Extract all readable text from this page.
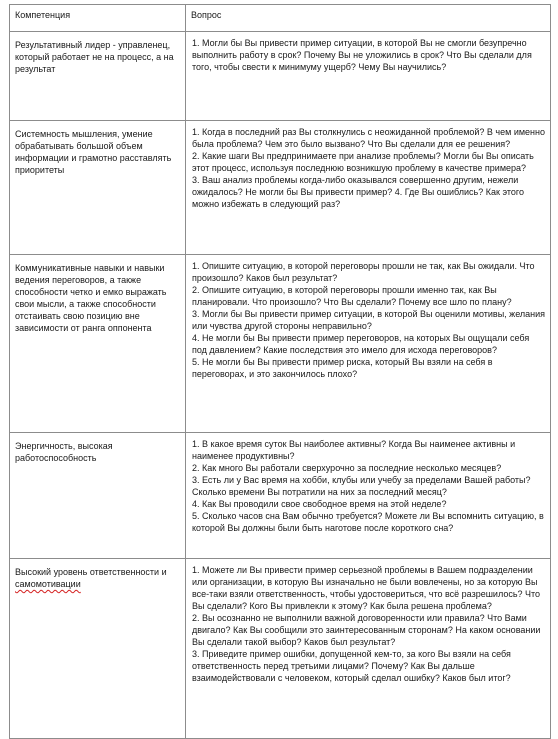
Компетенция	Вопрос
Результативный лидер - управленец, который работает не на процесс, а на результат	1. Могли бы Вы привести пример ситуации, в которой Вы не смогли безупречно выполнить работу в срок? Почему Вы не уложились в срок? Что Вы сделали для того, чтобы свести к минимуму ущерб? Чему Вы научились?
Системность мышления, умение обрабатывать большой объем информации и грамотно расставлять приоритеты	1. Когда в последний раз Вы столкнулись с неожиданной проблемой? В чем именно была проблема? Чем это было вызвано? Что Вы сделали для ее решения?
2. Какие шаги Вы предпринимаете при анализе проблемы? Могли бы Вы описать этот процесс, используя последнюю возникшую проблему в качестве примера?
3. Ваш анализ проблемы когда-либо оказывался совершенно другим, нежели ожидалось? Не могли бы Вы привести пример? 4. Где Вы ошиблись? Как этого можно избежать в следующий раз?
Коммуникативные навыки и навыки ведения переговоров, а также способности четко и емко выражать свои мысли, а также способности отстаивать свою позицию вне зависимости от ранга оппонента	1. Опишите ситуацию, в которой переговоры прошли не так, как Вы ожидали. Что произошло? Каков был результат?
2. Опишите ситуацию, в которой переговоры прошли именно так, как Вы планировали. Что произошло? Что Вы сделали? Почему все шло по плану?
3. Могли бы Вы привести пример ситуации, в которой Вы оценили мотивы, желания или чувства другой стороны неправильно?
4. Не могли бы Вы привести пример переговоров, на которых Вы ощущали себя под давлением? Какие последствия это имело для исхода переговоров?
5. Не могли бы Вы привести пример риска, который Вы взяли на себя в переговорах, и это закончилось плохо?
Энергичность, высокая работоспособность	1. В какое время суток Вы наиболее активны? Когда Вы наименее активны и наименее продуктивны?
2. Как много Вы работали сверхурочно за последние несколько месяцев?
3. Есть ли у Вас время на хобби, клубы или учебу за пределами Вашей работы? Сколько времени Вы потратили на них за последний месяц?
4. Как Вы проводили свое свободное время на этой неделе?
5. Сколько часов сна Вам обычно требуется? Можете ли Вы вспомнить ситуацию, в которой Вы должны были быть наготове после короткого сна?
Высокий уровень ответственности и самомотивации	1. Можете ли Вы привести пример серьезной проблемы в Вашем подразделении или организации, в которую Вы изначально не были вовлечены, но за которую Вы все-таки взяли ответственность, чтобы удостовериться, что всё разрешилось? Что Вы сделали? Кого Вы привлекли к этому? Как была решена проблема?
2. Вы осознанно не выполнили важной договоренности или правила? Что Вами двигало? Как Вы сообщили это заинтересованным сторонам? На каком основании Вы сделали такой выбор? Каков был результат?
3. Приведите пример ошибки, допущенной кем-то, за кого Вы взяли на себя ответственность перед третьими лицами? Почему? Как Вы дальше взаимодействовали с человеком, который сделал ошибку? Каков был итог?
